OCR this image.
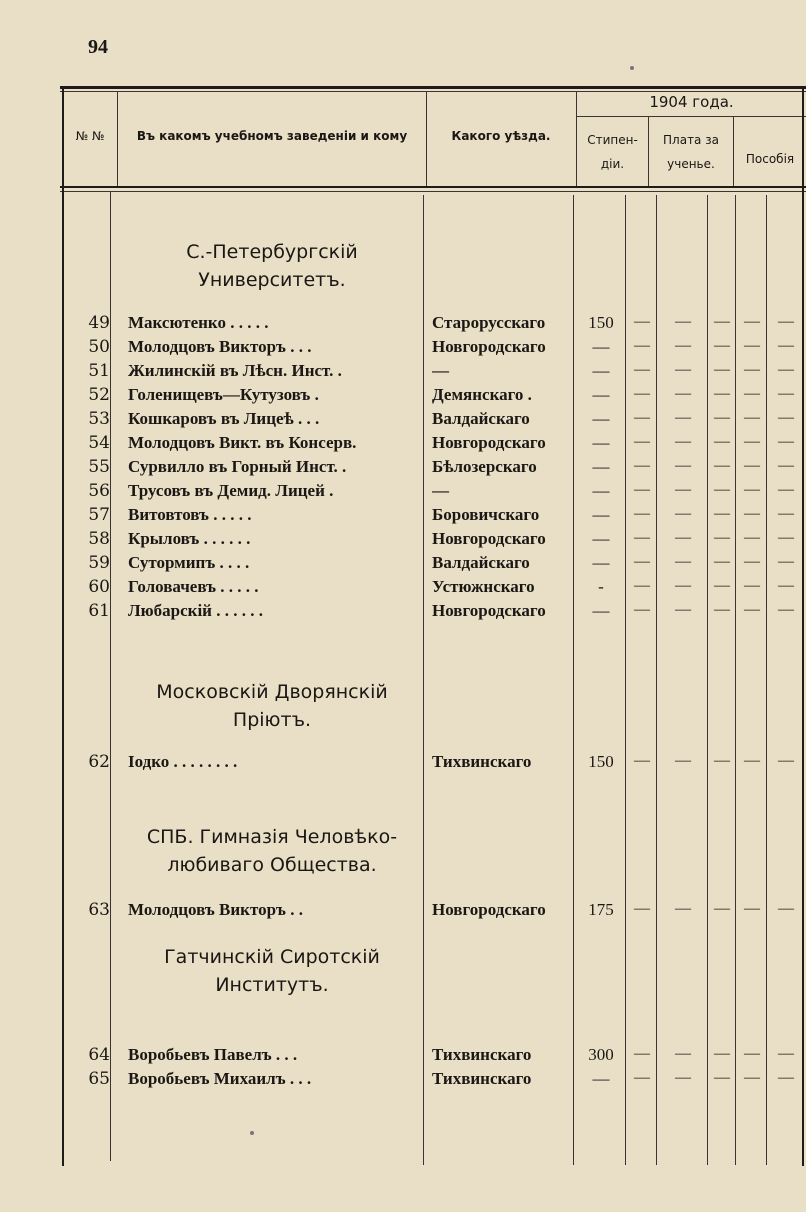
94
№ №	Въ какомъ учебномъ заведеніи и кому	Какого уѣзда.
1904 года.
Стипен-
діи.
Плата за
ученье.	Пособія
С.-Петербургскій
Университетъ.
Московскій Дворянскій
Пріютъ.
СПБ. Гимназія Человѣко-
любиваго Общества.
Гатчинскій Сиротскій
Институтъ.
49 Максютенко . . . . .	Старорусскаго	150	—	—	— —	—
50 Молодцовъ Викторъ . . .	Новгородскаго	—	—	—	— —	—
51 Жилинскій въ Лѣсн. Инст. .	—	—	—	—	— —	—
52 Голенищевъ—Кутузовъ .	Демянскаго .	—	—	—	— —	—
53 Кошкаровъ въ Лицеѣ . . .	Валдайскаго	—	—	—	— —	—
54 Молодцовъ Викт. въ Консерв.	Новгородскаго	—	—	—	— —	—
55 Сурвилло въ Горный Инст. .	Бѣлозерскаго	—	—	—	— —	—
56 Трусовъ въ Демид. Лицей .	—	—	—	—	— —	—
57 Витовтовъ . . . . .	Боровичскаго	—	—	—	— —	—
58 Крыловъ . . . . . .	Новгородскаго	—	—	—	— —	—
59 Сутормипъ . . . .	Валдайскаго	—	—	—	— —	—
60 Головачевъ . . . . .	Устюжнскаго	-	—	—	— —	—
61 Любарскій . . . . . .	Новгородскаго	—	—	—	— —	—
62 Іодко . . . . . . . .	Тихвинскаго	150	—	—	— —	—
63 Молодцовъ Викторъ . .	Новгородскаго	175	—	—	— —	—
64 Воробьевъ Павелъ . . .	Тихвинскаго	300	—	—	— —	—
65 Воробьевъ Михаилъ . . .	Тихвинскаго	—	—	—	— —	—
